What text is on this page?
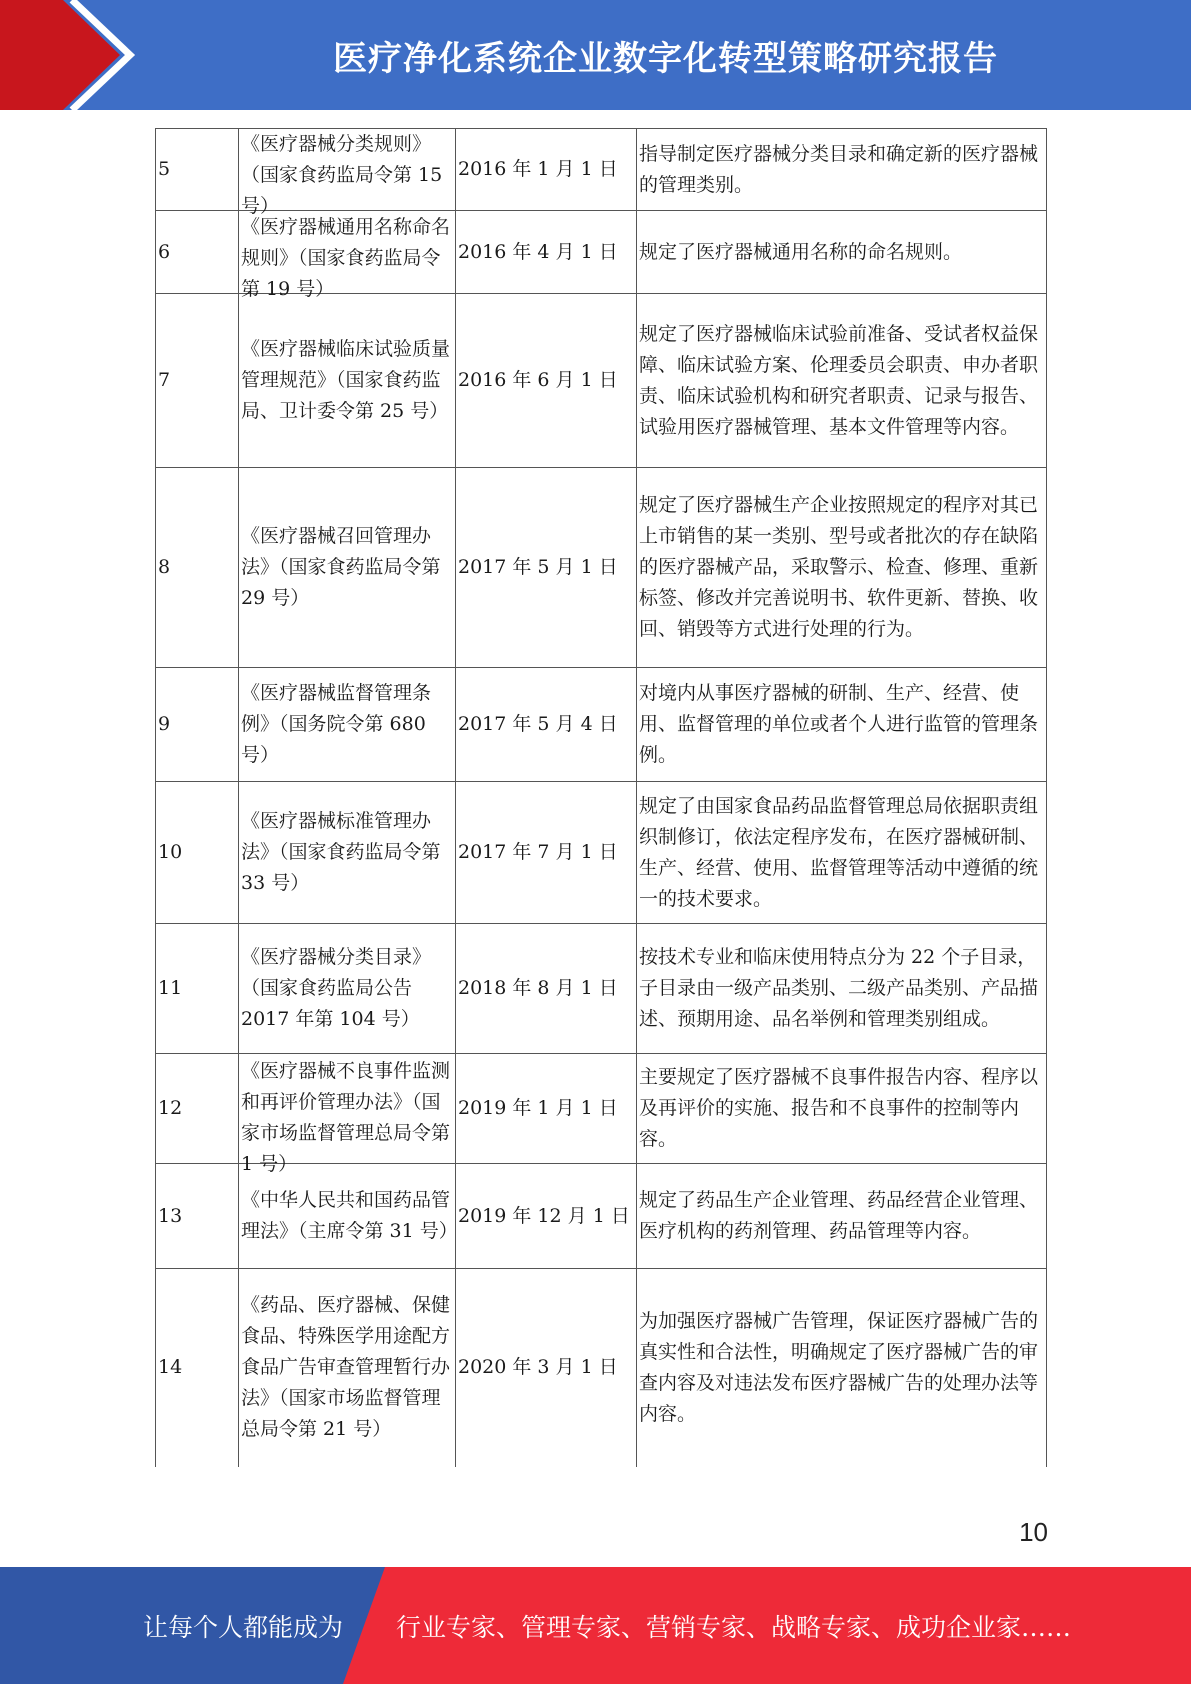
医疗净化系统企业数字化转型策略研究报告
5	《医疗器械分类规则》（国家食药监局令第 15 号）	2016 年 1 月 1 日	指导制定医疗器械分类目录和确定新的医疗器械的管理类别。
6	《医疗器械通用名称命名规则》（国家食药监局令第 19 号）	2016 年 4 月 1 日	规定了医疗器械通用名称的命名规则。
7	《医疗器械临床试验质量管理规范》（国家食药监局、卫计委令第 25 号）	2016 年 6 月 1 日	规定了医疗器械临床试验前准备、受试者权益保障、临床试验方案、伦理委员会职责、申办者职责、临床试验机构和研究者职责、记录与报告、试验用医疗器械管理、基本文件管理等内容。
8	《医疗器械召回管理办法》（国家食药监局令第 29 号）	2017 年 5 月 1 日	规定了医疗器械生产企业按照规定的程序对其已上市销售的某一类别、型号或者批次的存在缺陷的医疗器械产品，采取警示、检查、修理、重新标签、修改并完善说明书、软件更新、替换、收回、销毁等方式进行处理的行为。
9	《医疗器械监督管理条例》（国务院令第 680 号）	2017 年 5 月 4 日	对境内从事医疗器械的研制、生产、经营、使用、监督管理的单位或者个人进行监管的管理条例。
10	《医疗器械标准管理办法》（国家食药监局令第 33 号）	2017 年 7 月 1 日	规定了由国家食品药品监督管理总局依据职责组织制修订，依法定程序发布，在医疗器械研制、生产、经营、使用、监督管理等活动中遵循的统一的技术要求。
11	《医疗器械分类目录》（国家食药监局公告 2017 年第 104 号）	2018 年 8 月 1 日	按技术专业和临床使用特点分为 22 个子目录，子目录由一级产品类别、二级产品类别、产品描述、预期用途、品名举例和管理类别组成。
12	《医疗器械不良事件监测和再评价管理办法》（国家市场监督管理总局令第 1 号）	2019 年 1 月 1 日	主要规定了医疗器械不良事件报告内容、程序以及再评价的实施、报告和不良事件的控制等内容。
13	《中华人民共和国药品管理法》（主席令第 31 号）	2019 年 12 月 1 日	规定了药品生产企业管理、药品经营企业管理、医疗机构的药剂管理、药品管理等内容。
14	《药品、医疗器械、保健食品、特殊医学用途配方食品广告审查管理暂行办法》（国家市场监督管理总局令第 21 号）	2020 年 3 月 1 日	为加强医疗器械广告管理，保证医疗器械广告的真实性和合法性，明确规定了医疗器械广告的审查内容及对违法发布医疗器械广告的处理办法等内容。
10
让每个人都能成为 行业专家、管理专家、营销专家、战略专家、成功企业家……
